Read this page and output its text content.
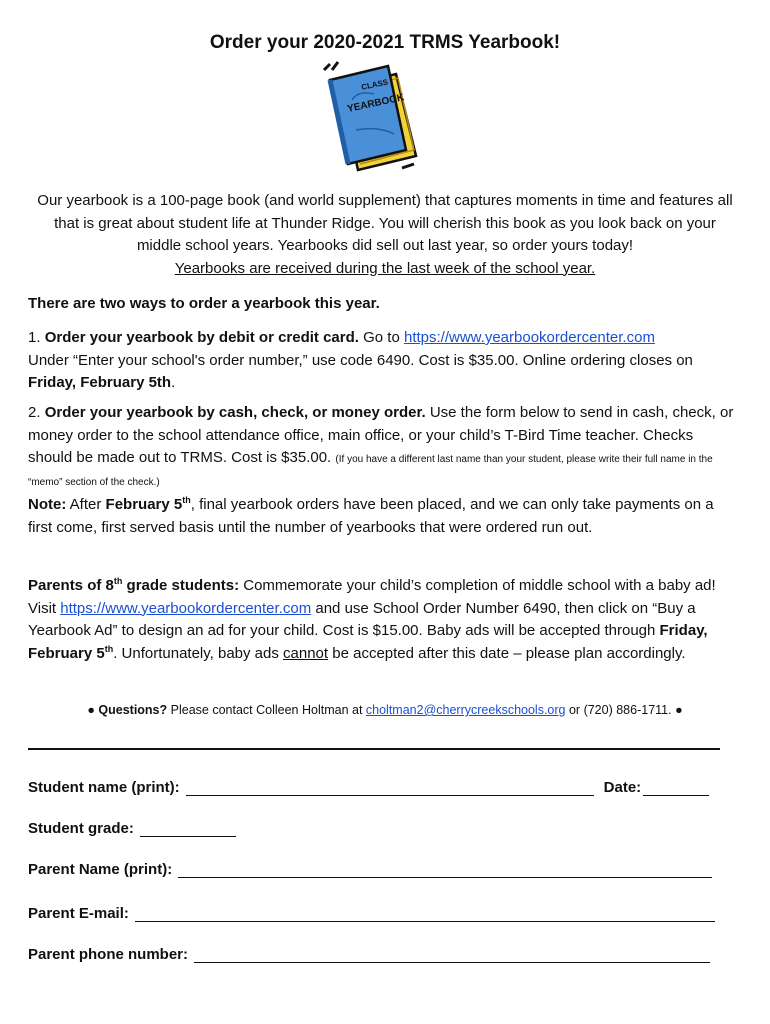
Order your 2020-2021 TRMS Yearbook!
CLASS
YEARBOOK
Our yearbook is a 100-page book (and world supplement) that captures moments in time and features all that is great about student life at Thunder Ridge. You will cherish this book as you look back on your middle school years. Yearbooks did sell out last year, so order yours today!
Yearbooks are received during the last week of the school year.
There are two ways to order a yearbook this year.
1. Order your yearbook by debit or credit card. Go to https://www.yearbookordercenter.com
Under “Enter your school's order number,” use code 6490. Cost is $35.00. Online ordering closes on Friday, February 5th.
2. Order your yearbook by cash, check, or money order. Use the form below to send in cash, check, or money order to the school attendance office, main office, or your child’s T-Bird Time teacher. Checks should be made out to TRMS. Cost is $35.00. (If you have a different last name than your student, please write their full name in the “memo” section of the check.)
Note: After February 5th, final yearbook orders have been placed, and we can only take payments on a first come, first served basis until the number of yearbooks that were ordered run out.
Parents of 8th grade students: Commemorate your child’s completion of middle school with a baby ad! Visit https://www.yearbookordercenter.com and use School Order Number 6490, then click on “Buy a Yearbook Ad” to design an ad for your child. Cost is $15.00. Baby ads will be accepted through Friday, February 5th. Unfortunately, baby ads cannot be accepted after this date – please plan accordingly.
● Questions? Please contact Colleen Holtman at choltman2@cherrycreekschools.org or (720) 886-1711. ●
Student name (print):	Date:
Student grade:
Parent Name (print):
Parent E-mail:
Parent phone number:
